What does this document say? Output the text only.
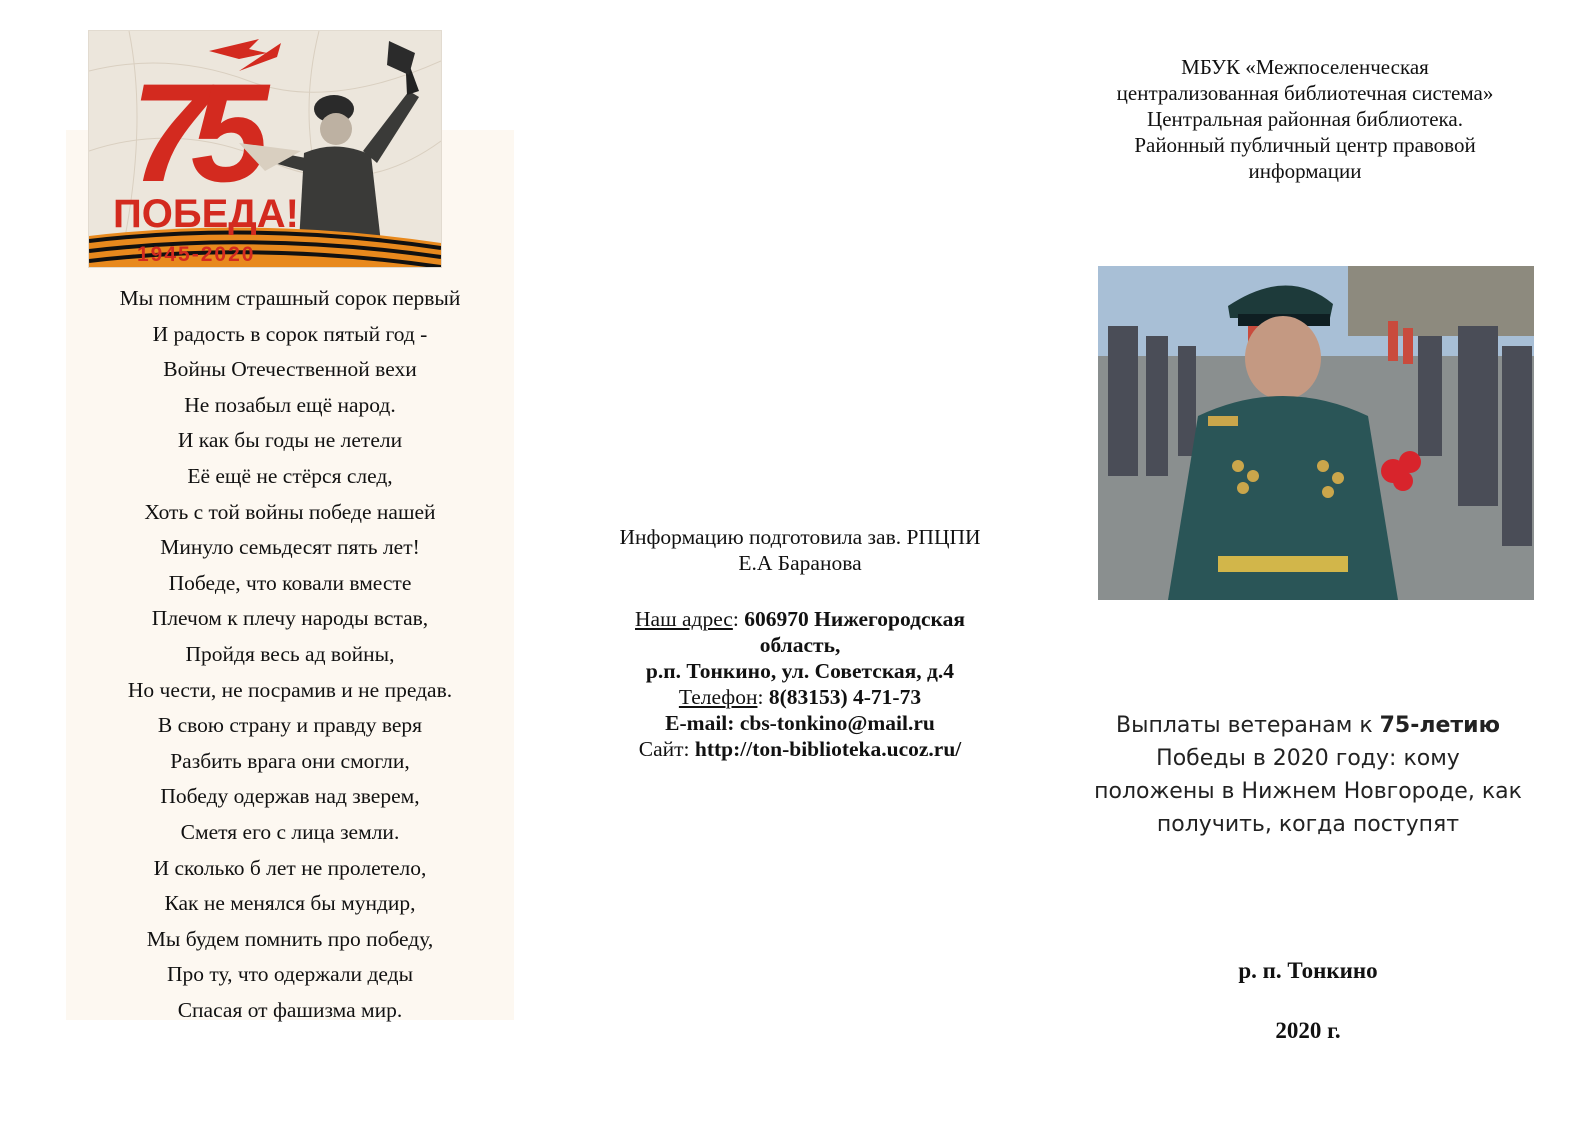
75
ПОБЕДА!
1945-2020
Мы помним страшный сорок первый
И радость в сорок пятый год -
Войны Отечественной вехи
Не позабыл ещё народ.
И как бы годы не летели
Её ещё не стёрся след,
Хоть с той войны победе нашей
Минуло семьдесят пять лет!
Победе, что ковали вместе
Плечом к плечу народы встав,
Пройдя весь ад войны,
Но чести, не посрамив и не предав.
В свою страну и правду веря
Разбить врага они смогли,
Победу одержав над зверем,
Сметя его с лица земли.
И сколько б лет не пролетело,
Как не менялся бы мундир,
Мы будем помнить про победу,
Про ту, что одержали деды
Спасая от фашизма мир.
Информацию подготовила зав. РПЦПИ
Е.А Баранова
Наш адрес: 606970 Нижегородская
область,
р.п. Тонкино, ул. Советская, д.4
Телефон: 8(83153) 4-71-73
E-mail: cbs-tonkino@mail.ru
Сайт: http://ton-biblioteka.ucoz.ru/
МБУК «Межпоселенческая
централизованная библиотечная система»
Центральная районная библиотека.
Районный публичный центр правовой
информации
Выплаты ветеранам к 75-летию
Победы в 2020 году: кому
положены в Нижнем Новгороде, как
получить, когда поступят
р. п. Тонкино
2020 г.
